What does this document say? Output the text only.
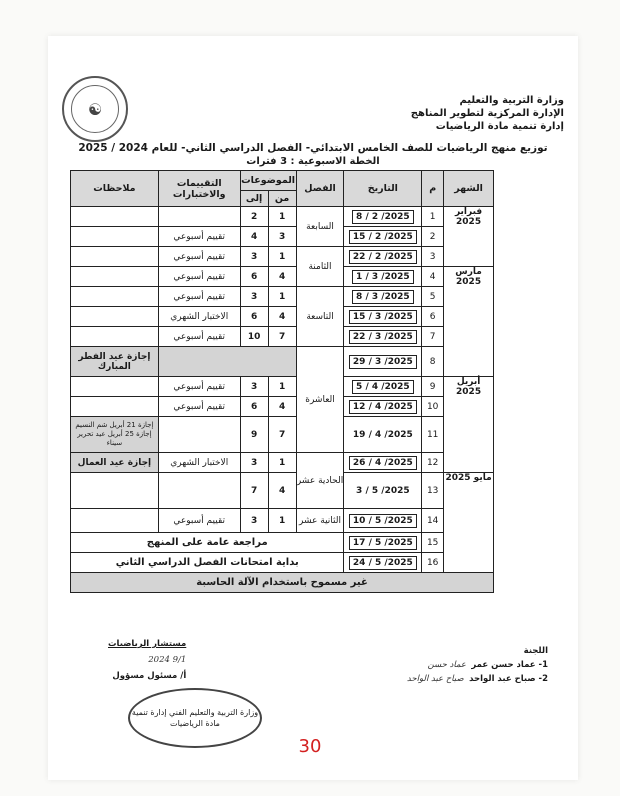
☯	وزارة التربية والتعليم
الإدارة المركزية لتطوير المناهج
إدارة تنمية مادة الرياضيات
توزيع منهج الرياضيات للصف الخامس الابتدائي- الفصل الدراسي الثاني- للعام 2024 / 2025
الخطة الاسبوعية : 3 فترات
الشهر	م	التاريخ	الفصل	الموضوعات		التقييمات والاختبارات	ملاحظات
				من	إلى		
فبراير 2025	1	2025/ 2 / 8	السابعة	1	2		
	2	2025/ 2 / 15		3	4	تقييم أسبوعي	
	3	2025/ 2 / 22	الثامنة	1	3	تقييم أسبوعي	
مارس 2025	4	2025/ 3 / 1		4	6	تقييم أسبوعي	
	5	2025/ 3 / 8	التاسعة	1	3	تقييم أسبوعي	
	6	2025/ 3 / 15		4	6	الاختبار الشهري	
	7	2025/ 3 / 22		7	10	تقييم أسبوعي	
	8	2025/ 3 / 29	العاشرة				إجازة عيد الفطر المبارك
أبريل 2025	9	2025/ 4 / 5		1	3	تقييم أسبوعي	
	10	2025/ 4 / 12		4	6	تقييم أسبوعي	
	11	2025/ 4 / 19		7	9		إجازة 21 أبريل شم النسيم إجازة 25 أبريل عيد تحرير سيناء
	12	2025/ 4 / 26	الحادية عشر	1	3	الاختبار الشهري	إجازة عيد العمال
مايو 2025	13	2025/ 5 / 3		4	7		
	14	2025/ 5 / 10	الثانية عشر	1	3	تقييم أسبوعي	
	15	2025/ 5 / 17	مراجعة عامة على المنهج				
	16	2025/ 5 / 24	بداية امتحانات الفصل الدراسي الثاني				
غير مسموح باستخدام الآلة الحاسبة							
اللجنة
1- عماد حسن عمر  عماد حسن
2- صباح عبد الواحد  صباح عبد الواحد
مستشار الرياضيات
9/1 2024
أ/ مسئول مسؤول
وزارة التربية والتعليم الفني إدارة تنمية مادة الرياضيات
30
